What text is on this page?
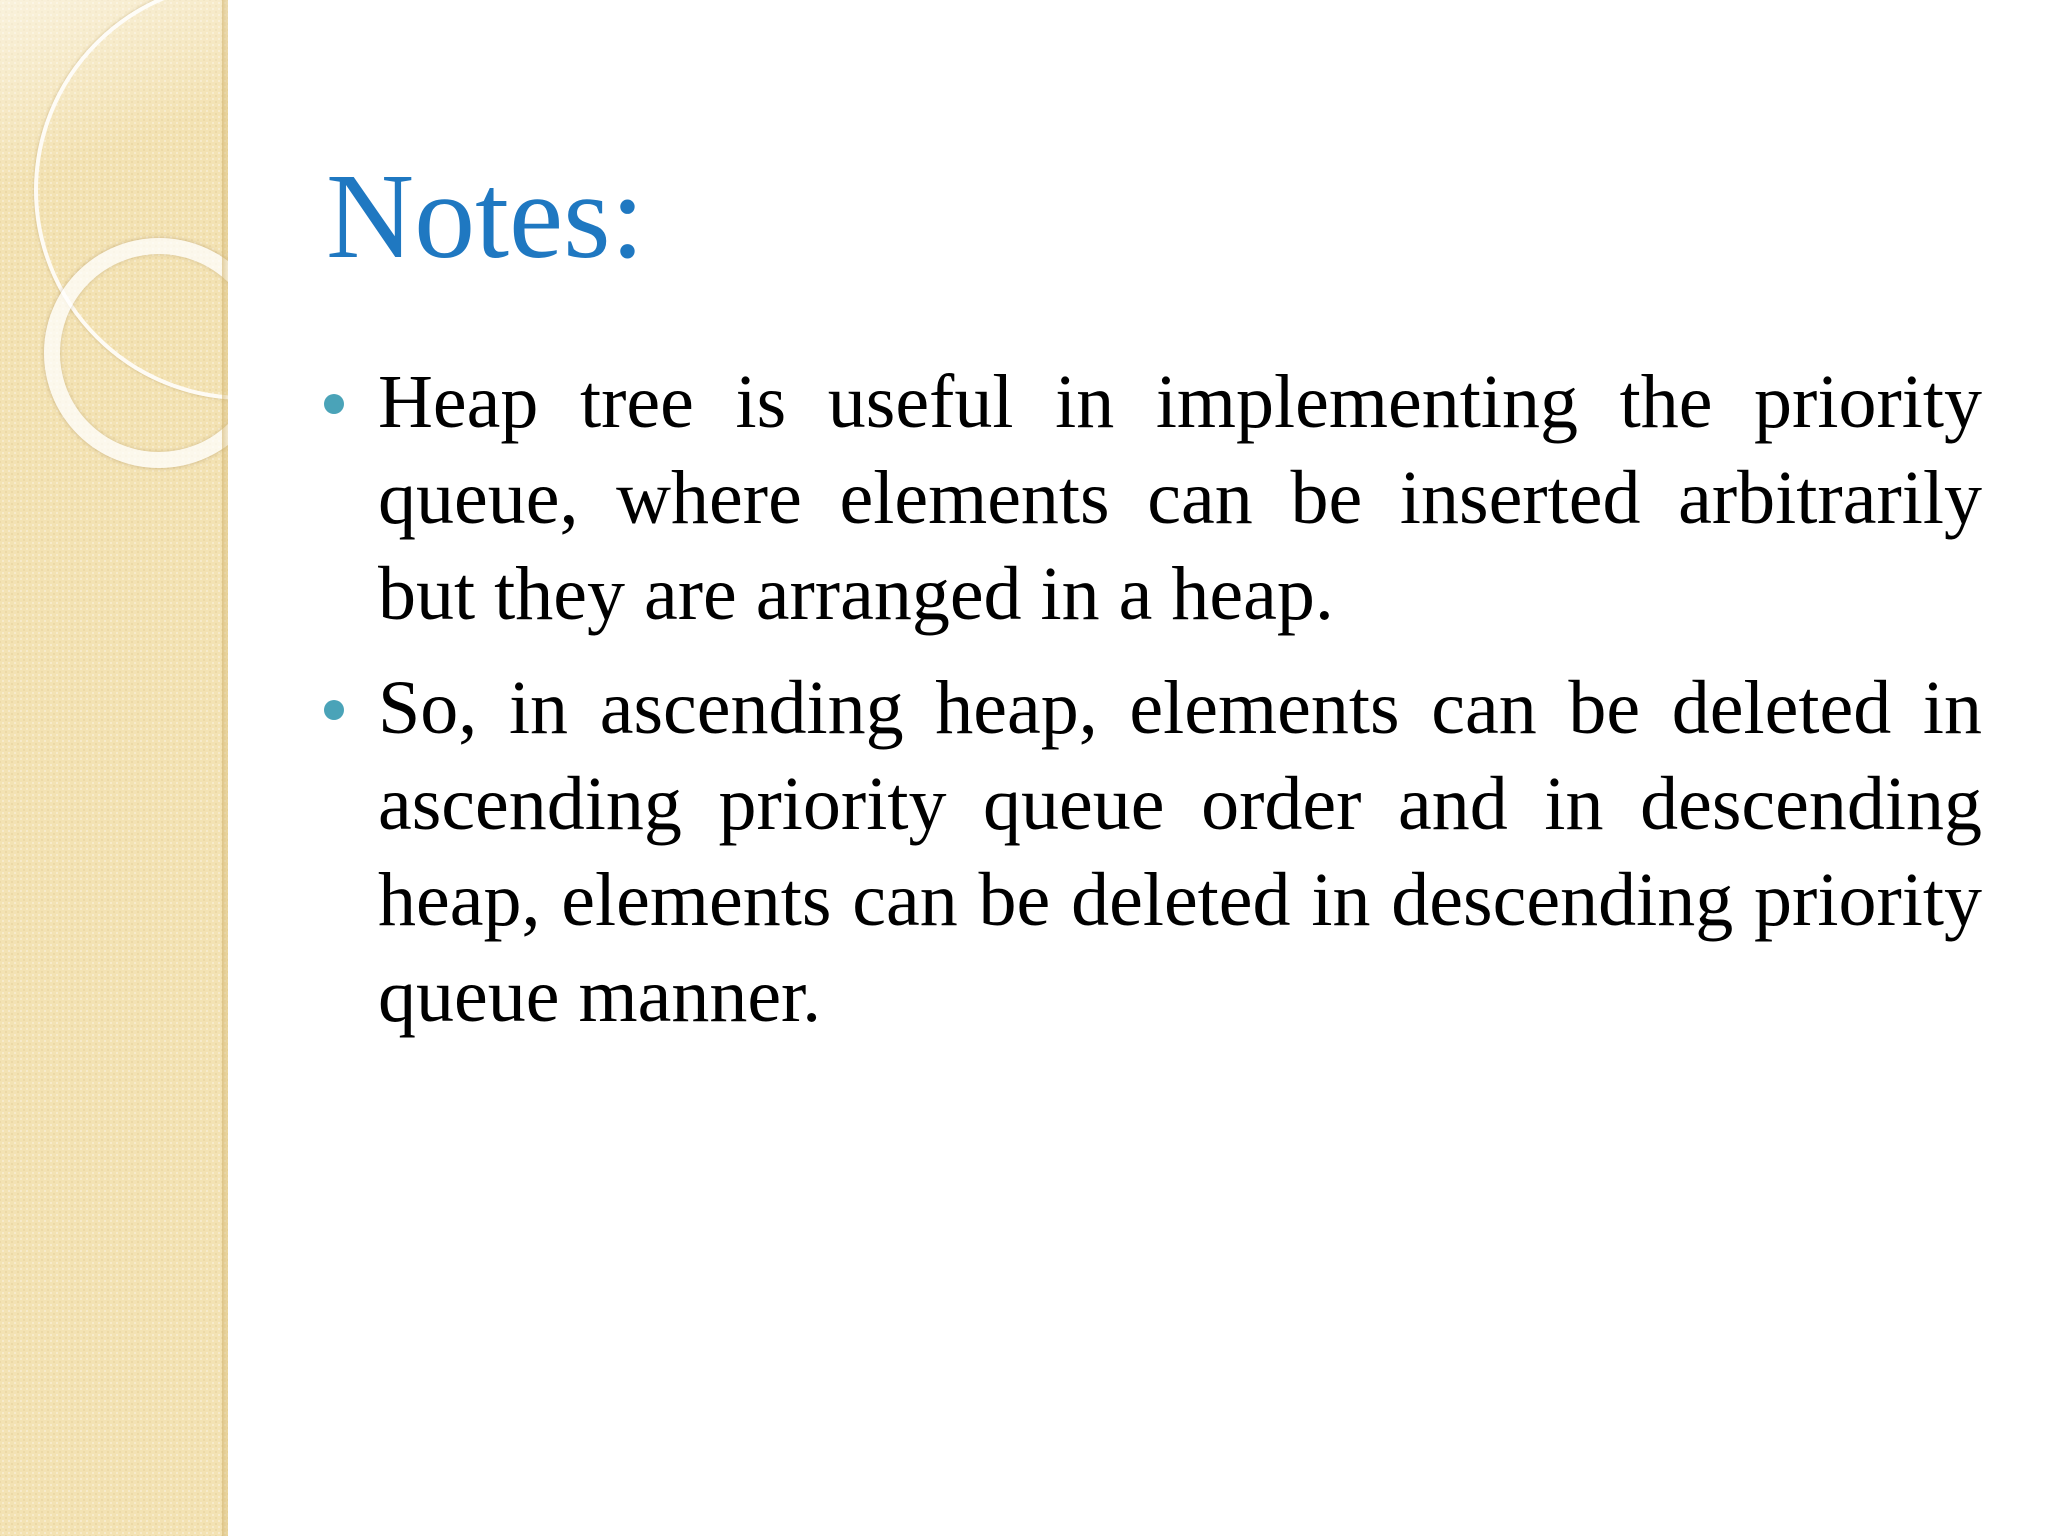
Notes:
Heap tree is useful in implementing the priority queue, where elements can be inserted arbitrarily but they are arranged in a heap.
So, in ascending heap, elements can be deleted in ascending priority queue order and in descending heap, elements can be deleted in descending priority queue manner.
